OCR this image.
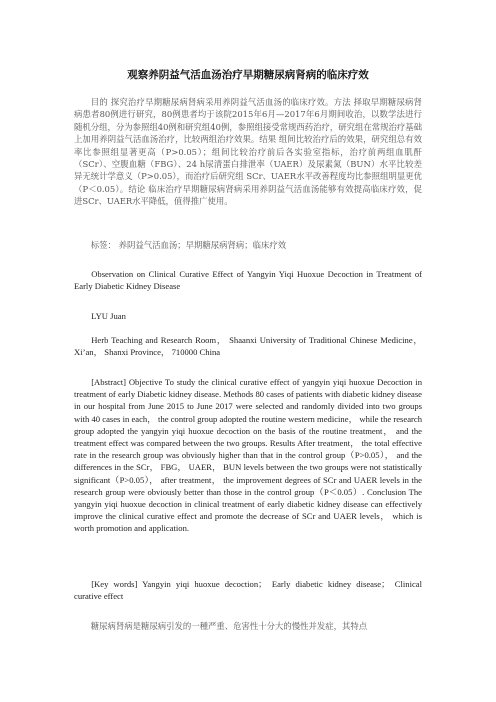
观察养阴益气活血汤治疗早期糖尿病肾病的临床疗效

目的 探究治疗早期糖尿病肾病采用养阴益气活血汤的临床疗效。方法 择取早期糖尿病肾病患者80例进行研究，80例患者均于该院2015年6月—2017年6月期间收治，以数学法进行随机分组，分为参照组40例和研究组40例，参照组接受常规西药治疗，研究组在常规治疗基础上加用养阴益气活血汤治疗，比较两组治疗效果。结果 组间比较治疗后的效果，研究组总有效率比参照组显著更高（P>0.05）；组间比较治疗前后各实验室指标，治疗前两组血肌酐（SCr）、空腹血糖（FBG）、24 h尿清蛋白排泄率（UAER）及尿素氮（BUN）水平比较差异无统计学意义（P>0.05），而治疗后研究组 SCr、UAER水平改善程度均比参照组明显更优（P＜0.05）。结论 临床治疗早期糖尿病肾病采用养阴益气活血汤能够有效提高临床疗效，促进SCr、UAER水平降低，值得推广使用。

标签： 养阴益气活血汤；早期糖尿病肾病；临床疗效

Observation on Clinical Curative Effect of Yangyin Yiqi Huoxue Decoction in Treatment of Early Diabetic Kidney Disease

LYU Juan

Herb Teaching and Research Room， Shaanxi University of Traditional Chinese Medicine， Xi’an， Shanxi Province， 710000 China

[Abstract] Objective To study the clinical curative effect of yangyin yiqi huoxue Decoction in treatment of early Diabetic kidney disease. Methods 80 cases of patients with diabetic kidney disease in our hospital from June 2015 to June 2017 were selected and randomly divided into two groups with 40 cases in each， the control group adopted the routine western medicine， while the research group adopted the yangyin yiqi huoxue decoction on the basis of the routine treatment， and the treatment effect was compared between the two groups. Results After treatment， the total effective rate in the research group was obviously higher than that in the control group（P>0.05）， and the differences in the SCr， FBG， UAER， BUN levels between the two groups were not statistically significant（P>0.05）， after treatment， the improvement degrees of SCr and UAER levels in the research group were obviously better than those in the control group（P＜0.05）. Conclusion The yangyin yiqi huoxue decoction in clinical treatment of early diabetic kidney disease can effectively improve the clinical curative effect and promote the decrease of SCr and UAER levels， which is worth promotion and application.

[Key words] Yangyin yiqi huoxue decoction； Early diabetic kidney disease； Clinical curative effect

糖尿病肾病是糖尿病引发的一種严重、危害性十分大的慢性并发症，其特点
